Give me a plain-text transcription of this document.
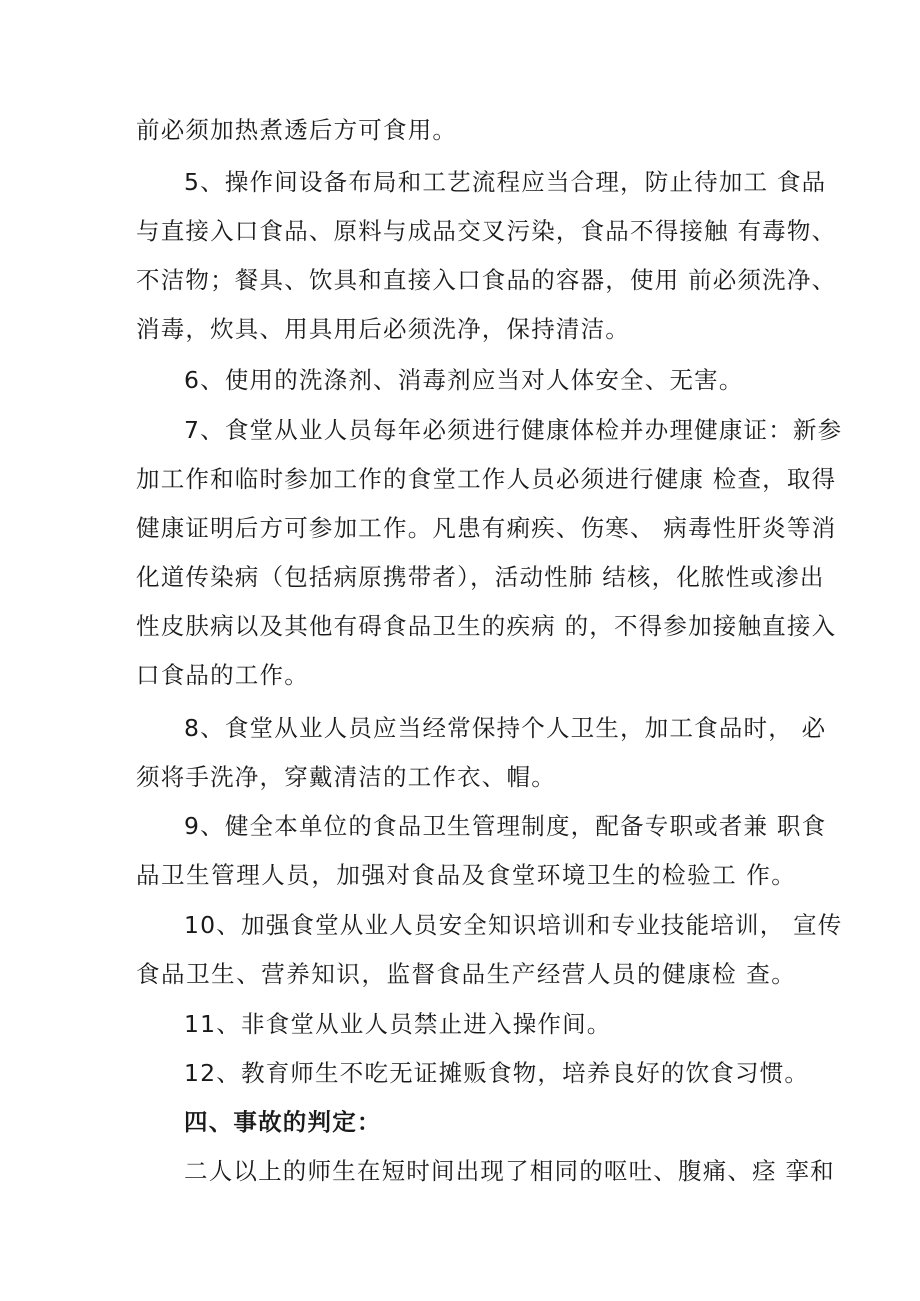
前必须加热煮透后方可食用。
5、操作间设备布局和工艺流程应当合理，防止待加工 食品
与直接入口食品、原料与成品交叉污染，食品不得接触 有毒物、
不洁物；餐具、饮具和直接入口食品的容器，使用 前必须洗净、
消毒，炊具、用具用后必须洗净，保持清洁。
6、使用的洗涤剂、消毒剂应当对人体安全、无害。
7、食堂从业人员每年必须进行健康体检并办理健康证：新参
加工作和临时参加工作的食堂工作人员必须进行健康 检查，取得
健康证明后方可参加工作。凡患有痢疾、伤寒、 病毒性肝炎等消
化道传染病（包括病原携带者），活动性肺 结核，化脓性或渗出
性皮肤病以及其他有碍食品卫生的疾病 的，不得参加接触直接入
口食品的工作。
8、食堂从业人员应当经常保持个人卫生，加工食品时， 必
须将手洗净，穿戴清洁的工作衣、帽。
9、健全本单位的食品卫生管理制度，配备专职或者兼 职食
品卫生管理人员，加强对食品及食堂环境卫生的检验工 作。
10、加强食堂从业人员安全知识培训和专业技能培训， 宣传
食品卫生、营养知识，监督食品生产经营人员的健康检 查。
11、非食堂从业人员禁止进入操作间。
12、教育师生不吃无证摊贩食物，培养良好的饮食习惯。
四、事故的判定：
二人以上的师生在短时间出现了相同的呕吐、腹痛、痉 挛和
